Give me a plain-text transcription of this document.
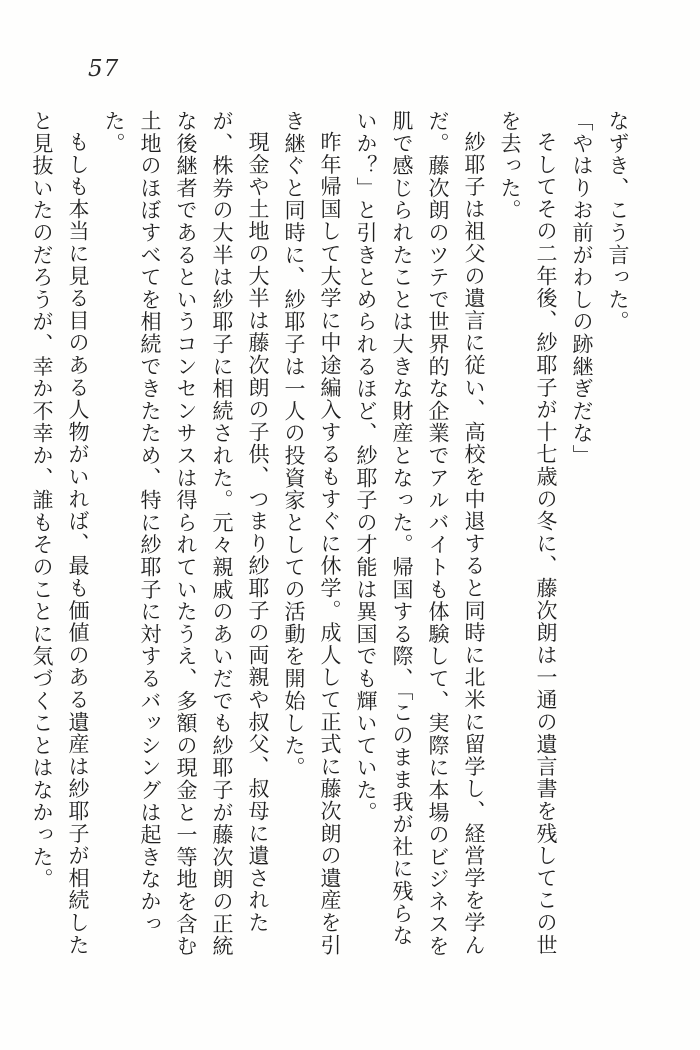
57

なずき、こう言った。

「やはりお前がわしの跡継ぎだな」

そしてその二年後、紗耶子が十七歳の冬に、藤次朗は一通の遺言書を残してこの世を去った。

紗耶子は祖父の遺言に従い、高校を中退すると同時に北米に留学し、経営学を学んだ。藤次朗のツテで世界的な企業でアルバイトも体験して、実際に本場のビジネスを肌で感じられたことは大きな財産となった。帰国する際、「このまま我が社に残らないか？」と引きとめられるほど、紗耶子の才能は異国でも輝いていた。

昨年帰国して大学に中途編入するもすぐに休学。成人して正式に藤次朗の遺産を引き継ぐと同時に、紗耶子は一人の投資家としての活動を開始した。

現金や土地の大半は藤次朗の子供、つまり紗耶子の両親や叔父、叔母に遺されたが、株券の大半は紗耶子に相続された。元々親戚のあいだでも紗耶子が藤次朗の正統な後継者であるというコンセンサスは得られていたうえ、多額の現金と一等地を含む土地のほぼすべてを相続できたため、特に紗耶子に対するバッシングは起きなかった。

もしも本当に見る目のある人物がいれば、最も価値のある遺産は紗耶子が相続したと見抜いたのだろうが、幸か不幸か、誰もそのことに気づくことはなかった。
